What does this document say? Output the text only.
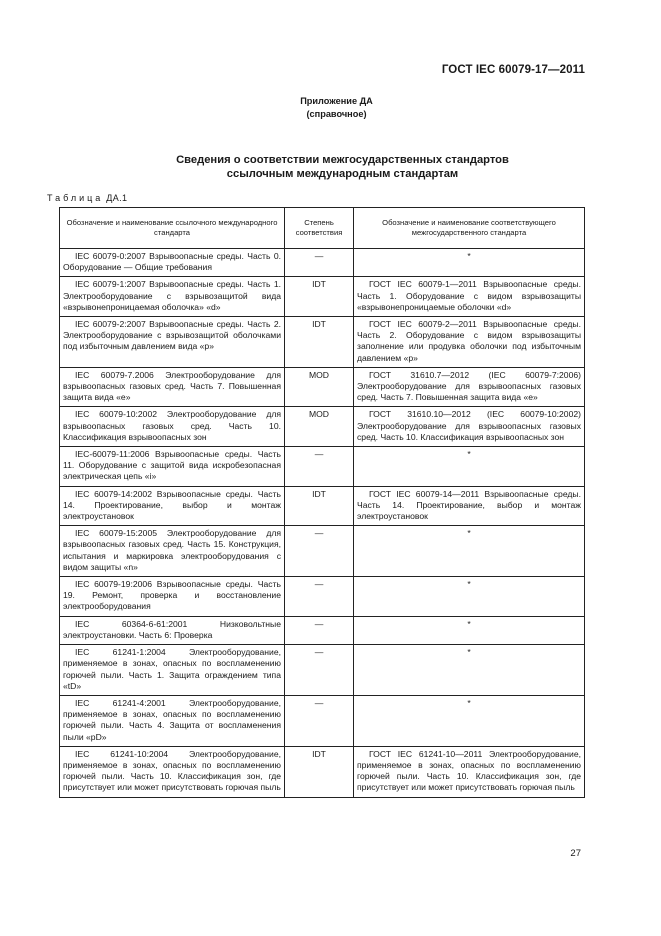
ГОСТ IEC 60079-17—2011
Приложение ДА
(справочное)
Сведения о соответствии межгосударственных стандартов
ссылочным международным стандартам
Таблица ДА.1
Обозначение и наименование ссылочного международного стандарта	Степень соответствия	Обозначение и наименование соответствующего межгосударственного стандарта
IEC 60079-0:2007 Взрывоопасные среды. Часть 0. Оборудование — Общие требования	—	*
IEC 60079-1:2007 Взрывоопасные среды. Часть 1. Электрооборудование с взрывозащитой вида «взрывонепроницаемая оболочка» «d»	IDT	ГОСТ IEC 60079-1—2011 Взрывоопасные среды. Часть 1. Оборудование с видом взрывозащиты «взрывонепроницаемые оболочки «d»
IEC 60079-2:2007 Взрывоопасные среды. Часть 2. Электрооборудование с взрывозащитой оболочками под избыточным давлением вида «р»	IDT	ГОСТ IEC 60079-2—2011 Взрывоопасные среды. Часть 2. Оборудование с видом взрывозащиты заполнение или продувка оболочки под избыточным давлением «р»
IEC 60079-7.2006 Электрооборудование для взрывоопасных газовых сред. Часть 7. Повышенная защита вида «е»	MOD	ГОСТ 31610.7—2012 (IEC 60079-7:2006) Электрооборудование для взрывоопасных газовых сред. Часть 7. Повышенная защита вида «е»
IEC 60079-10:2002 Электрооборудование для взрывоопасных газовых сред. Часть 10. Классификация взрывоопасных зон	MOD	ГОСТ 31610.10—2012 (IEC 60079-10:2002) Электрооборудование для взрывоопасных газовых сред. Часть 10. Классификация взрывоопасных зон
IEC-60079-11:2006 Взрывоопасные среды. Часть 11. Оборудование с защитой вида искробезопасная электрическая цепь «i»	—	*
IEC 60079-14:2002 Взрывоопасные среды. Часть 14. Проектирование, выбор и монтаж электроустановок	IDT	ГОСТ IEC 60079-14—2011 Взрывоопасные среды. Часть 14. Проектирование, выбор и монтаж электроустановок
IEC 60079-15:2005 Электрооборудование для взрывоопасных газовых сред. Часть 15. Конструкция, испытания и маркировка электрооборудования с видом защиты «n»	—	*
IEC 60079-19:2006 Взрывоопасные среды. Часть 19. Ремонт, проверка и восстановление электрооборудования	—	*
IEC 60364-6-61:2001 Низковольтные электроустановки. Часть 6: Проверка	—	*
IEC 61241-1:2004 Электрооборудование, применяемое в зонах, опасных по воспламенению горючей пыли. Часть 1. Защита ограждением типа «tD»	—	*
IEC 61241-4:2001 Электрооборудование, применяемое в зонах, опасных по воспламенению горючей пыли. Часть 4. Защита от воспламенения пыли «pD»	—	*
IEC 61241-10:2004 Электрооборудование, применяемое в зонах, опасных по воспламенению горючей пыли. Часть 10. Классификация зон, где присутствует или может присутствовать горючая пыль	IDT	ГОСТ IEC 61241-10—2011 Электрооборудование, применяемое в зонах, опасных по воспламенению горючей пыли. Часть 10. Классификация зон, где присутствует или может присутствовать горючая пыль
27
